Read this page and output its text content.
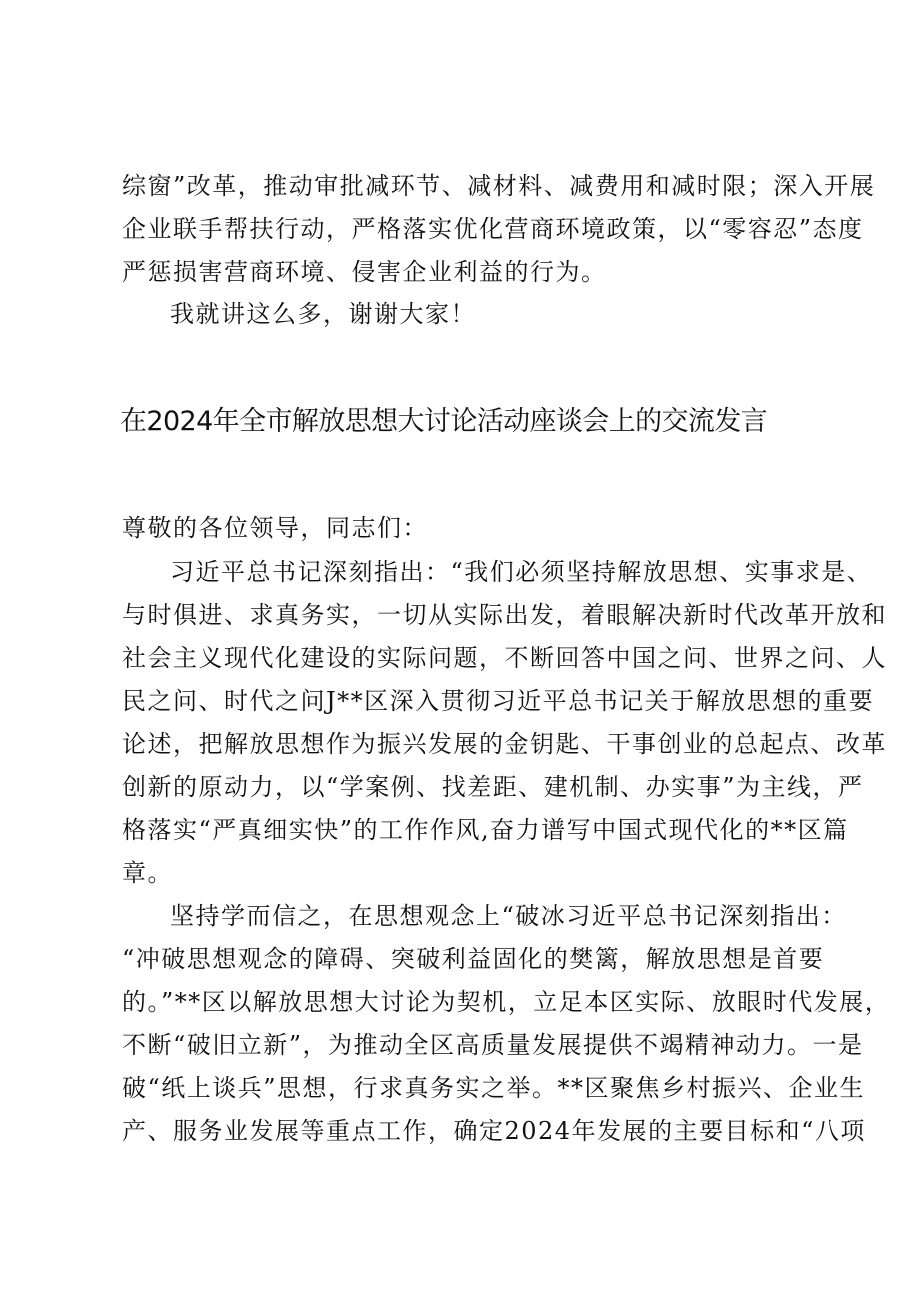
综窗”改革，推动审批减环节、减材料、减费用和减时限；深入开展
企业联手帮扶行动，严格落实优化营商环境政策，以“零容忍”态度
严惩损害营商环境、侵害企业利益的行为。
我就讲这么多，谢谢大家！
在2024年全市解放思想大讨论活动座谈会上的交流发言
尊敬的各位领导，同志们：
习近平总书记深刻指出：“我们必须坚持解放思想、实事求是、
与时俱进、求真务实，一切从实际出发，着眼解决新时代改革开放和
社会主义现代化建设的实际问题，不断回答中国之问、世界之问、人
民之问、时代之问J**区深入贯彻习近平总书记关于解放思想的重要
论述，把解放思想作为振兴发展的金钥匙、干事创业的总起点、改革
创新的原动力，以“学案例、找差距、建机制、办实事”为主线，严
格落实“严真细实快”的工作作风,奋力谱写中国式现代化的**区篇
章。
坚持学而信之，在思想观念上“破冰习近平总书记深刻指出：
“冲破思想观念的障碍、突破利益固化的樊篱，解放思想是首要
的。”**区以解放思想大讨论为契机，立足本区实际、放眼时代发展，
不断“破旧立新”，为推动全区高质量发展提供不竭精神动力。一是
破“纸上谈兵”思想，行求真务实之举。**区聚焦乡村振兴、企业生
产、服务业发展等重点工作，确定2024年发展的主要目标和“八项
